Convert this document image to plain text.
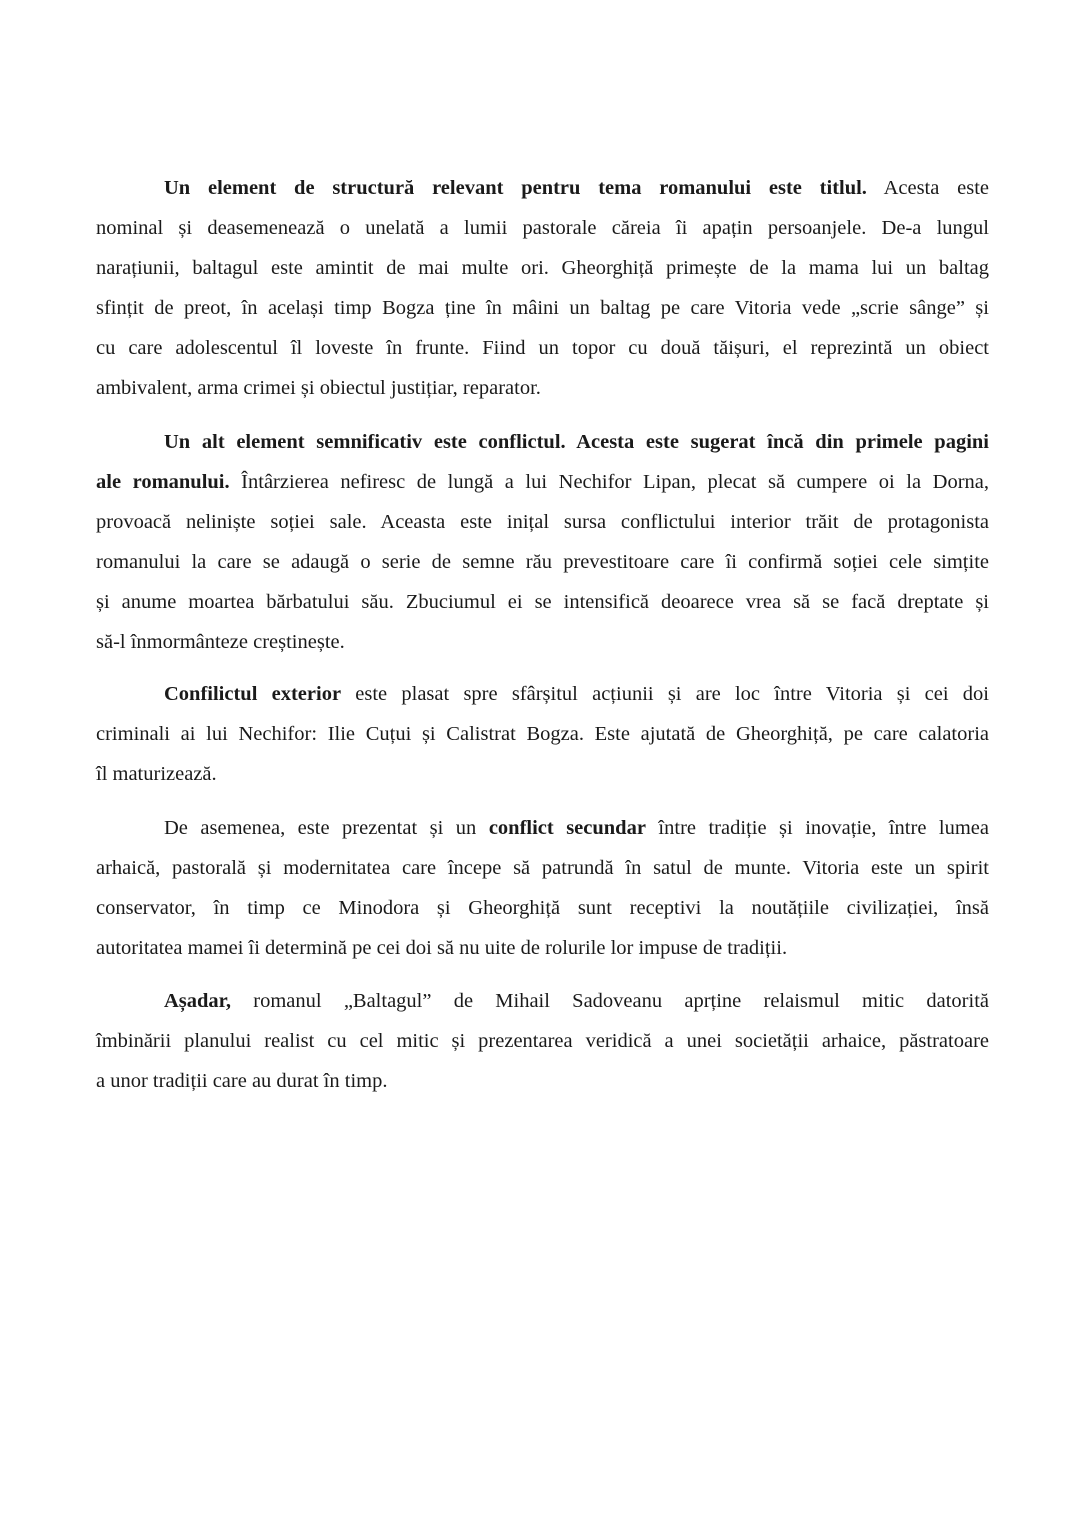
Un element de structură relevant pentru tema romanului este titlul. Acesta este
nominal și deasemenează o unelată a lumii pastorale căreia îi apațin persoanjele. De-a lungul
narațiunii, baltagul este amintit de mai multe ori. Gheorghiță primește de la mama lui un baltag
sfințit de preot, în același timp Bogza ține în mâini un baltag pe care Vitoria vede „scrie sânge” și
cu care adolescentul îl loveste în frunte. Fiind un topor cu două tăișuri, el reprezintă un obiect
ambivalent, arma crimei și obiectul justițiar, reparator.

Un alt element semnificativ este conflictul. Acesta este sugerat încă din primele pagini
ale romanului. Întârzierea nefiresc de lungă a lui Nechifor Lipan, plecat să cumpere oi la Dorna,
provoacă neliniște soției sale. Aceasta este inițal sursa conflictului interior trăit de protagonista
romanului la care se adaugă o serie de semne rău prevestitoare care îi confirmă soției cele simțite
și anume moartea bărbatului său. Zbuciumul ei se intensifică deoarece vrea să se facă dreptate și
să-l înmormânteze creștinește.

Confilictul exterior este plasat spre sfârșitul acțiunii și are loc între Vitoria și cei doi
criminali ai lui Nechifor: Ilie Cuțui și Calistrat Bogza. Este ajutată de Gheorghiță, pe care calatoria
îl maturizează.

De asemenea, este prezentat și un conflict secundar între tradiție și inovație, între lumea
arhaică, pastorală și modernitatea care începe să patrundă în satul de munte. Vitoria este un spirit
conservator, în timp ce Minodora și Gheorghiță sunt receptivi la noutățiile civilizației, însă
autoritatea mamei îi determină pe cei doi să nu uite de rolurile lor impuse de tradiții.

Așadar, romanul „Baltagul” de Mihail Sadoveanu aprține relaismul mitic datorită
îmbinării planului realist cu cel mitic și prezentarea veridică a unei societății arhaice, păstratoare
a unor tradiții care au durat în timp.
